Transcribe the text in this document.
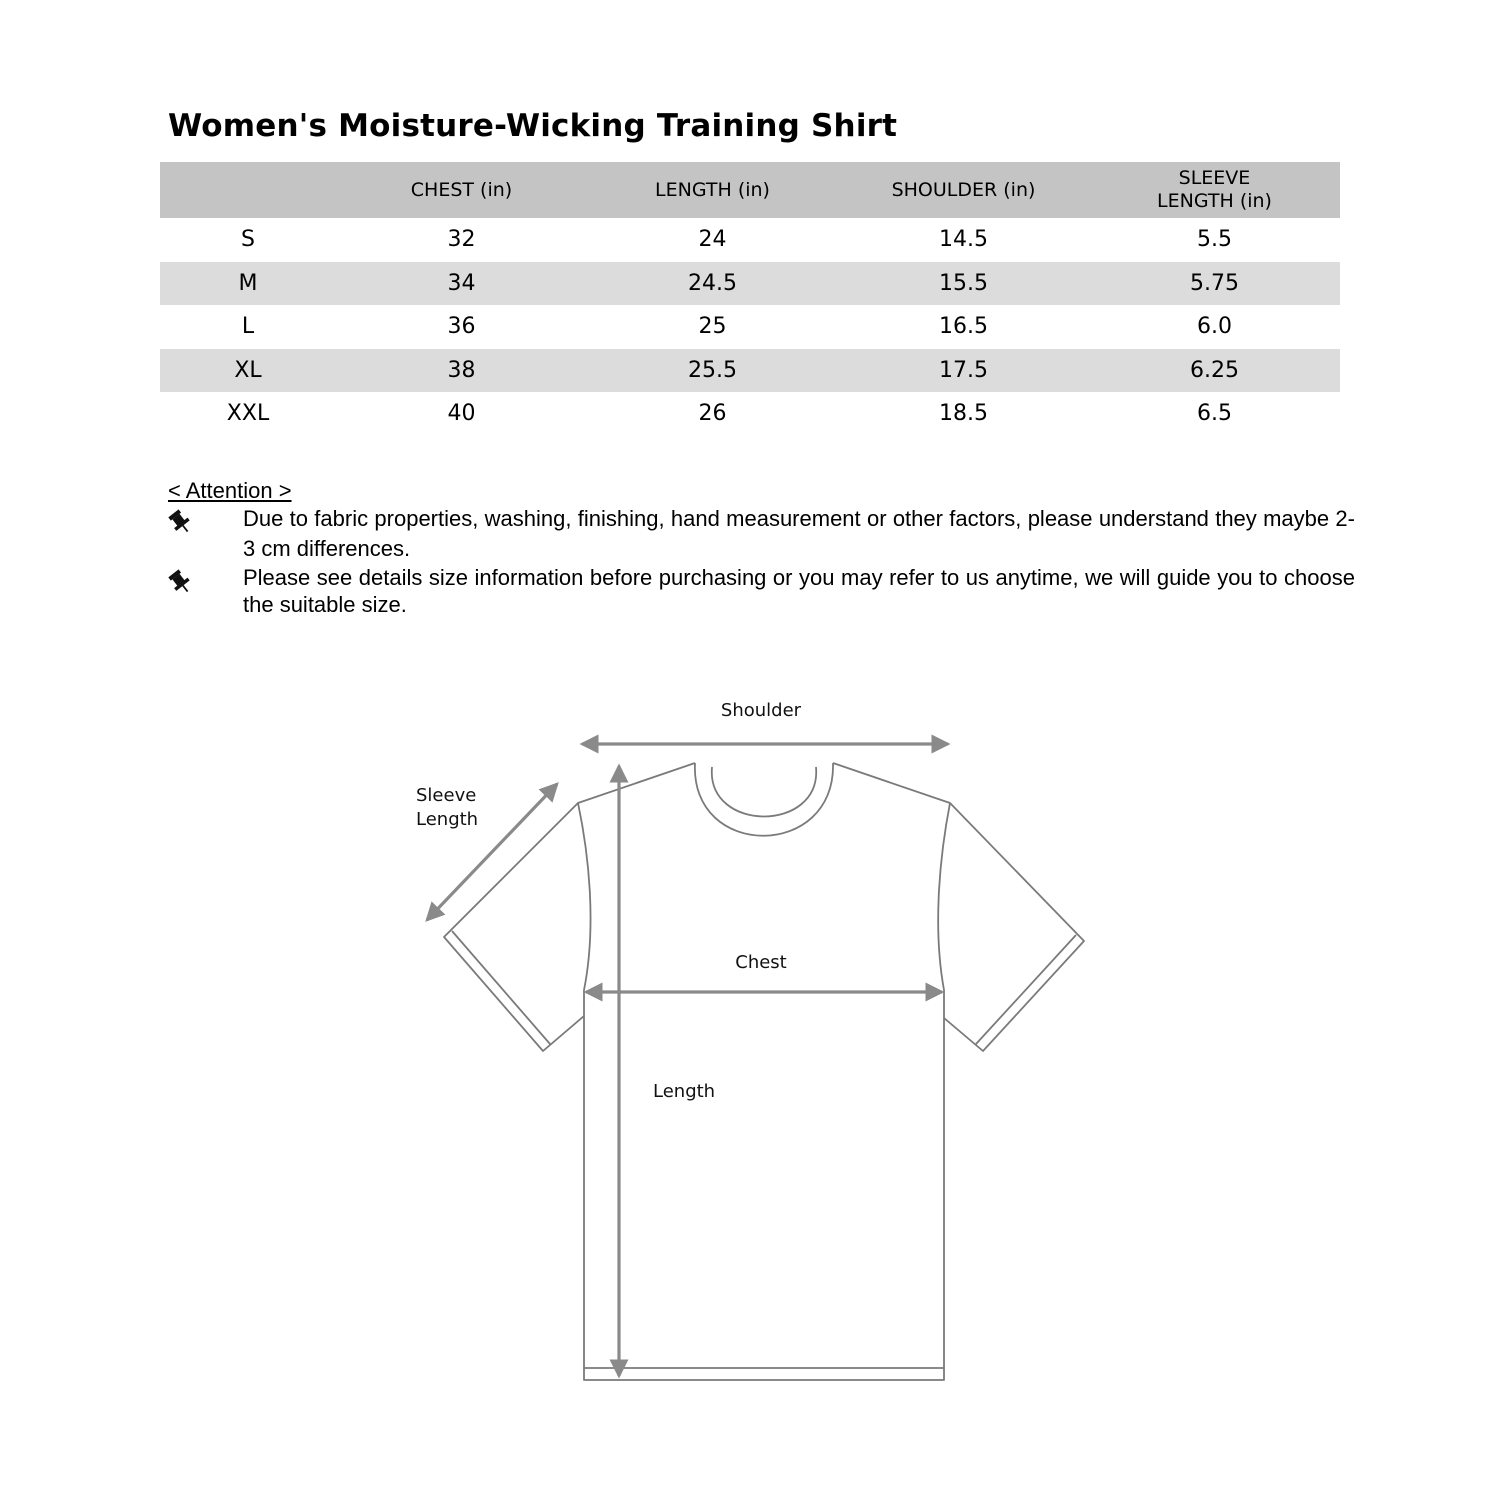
Women's Moisture-Wicking Training Shirt
	CHEST (in)	LENGTH (in)	SHOULDER (in)	SLEEVE
LENGTH (in)

S	32	24	14.5	5.5
M	34	24.5	15.5	5.75
L	36	25	16.5	6.0
XL	38	25.5	17.5	6.25
XXL	40	26	18.5	6.5
< Attention >
Due to fabric properties, washing, finishing, hand measurement or other factors, please understand they maybe 2-3 cm differences.
Please see details size information before purchasing or you may refer to us anytime, we will guide you to choose the suitable size.
Shoulder
Sleeve
Length
Chest
Length
